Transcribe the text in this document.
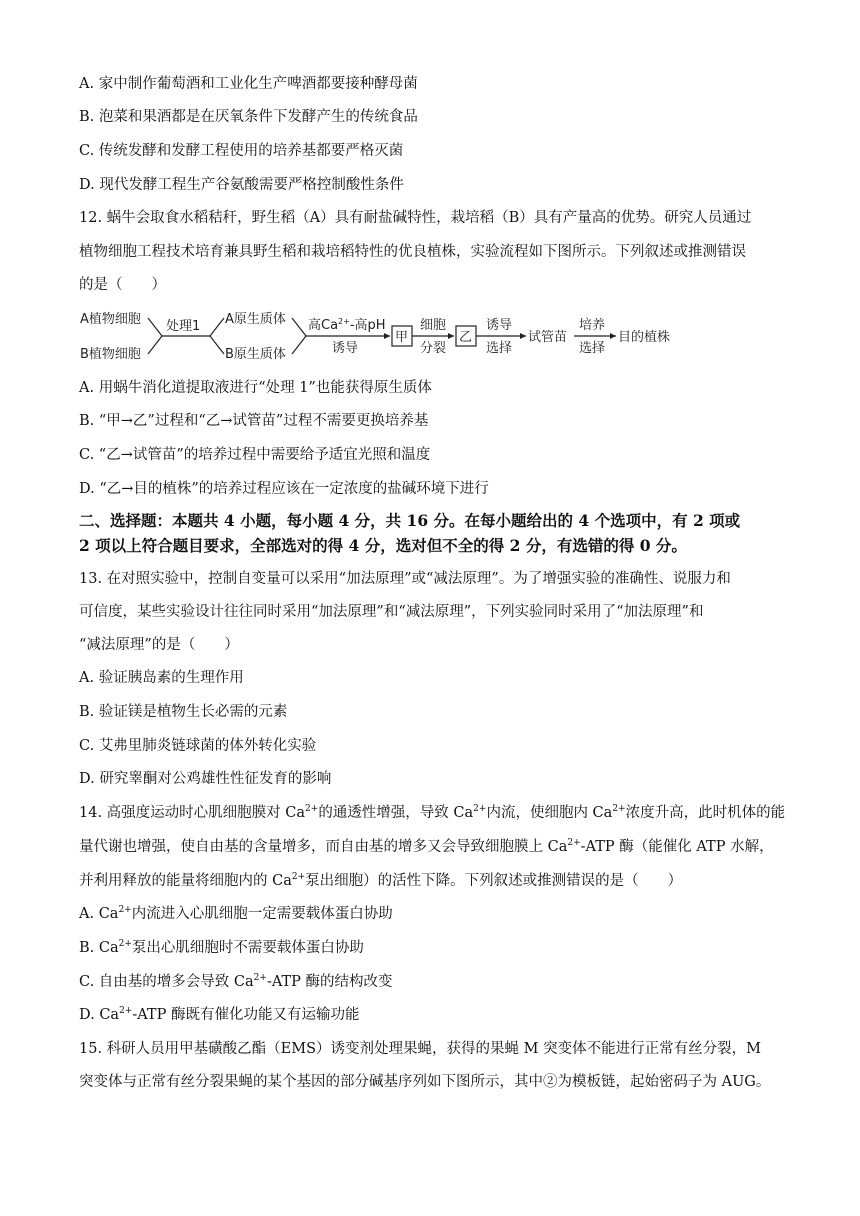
A. 家中制作葡萄酒和工业化生产啤酒都要接种酵母菌
B. 泡菜和果酒都是在厌氧条件下发酵产生的传统食品
C. 传统发酵和发酵工程使用的培养基都要严格灭菌
D. 现代发酵工程生产谷氨酸需要严格控制酸性条件
12. 蜗牛会取食水稻秸秆，野生稻（A）具有耐盐碱特性，栽培稻（B）具有产量高的优势。研究人员通过
植物细胞工程技术培育兼具野生稻和栽培稻特性的优良植株，实验流程如下图所示。下列叙述或推测错误
的是（　　）
A植物细胞
B植物细胞
处理1 A原生质体
B原生质体
高$Ca^{2+}-$高pH
诱导
甲
细胞
分裂
乙
诱导
选择
试管苗
培养
选择
目的植株
A. 用蜗牛消化道提取液进行“处理 1”也能获得原生质体
B. “甲→乙”过程和“乙→试管苗”过程不需要更换培养基
C. “乙→试管苗”的培养过程中需要给予适宜光照和温度
D. “乙→目的植株”的培养过程应该在一定浓度的盐碱环境下进行
二、选择题：本题共 4 小题，每小题 4 分，共 16 分。在每小题给出的 4 个选项中，有 2 项或
2 项以上符合题目要求，全部选对的得 4 分，选对但不全的得 2 分，有选错的得 0 分。
13. 在对照实验中，控制自变量可以采用“加法原理”或“减法原理”。为了增强实验的准确性、说服力和
可信度，某些实验设计往往同时采用“加法原理”和“减法原理”，下列实验同时采用了“加法原理”和
“减法原理”的是（　　）
A. 验证胰岛素的生理作用
B. 验证镁是植物生长必需的元素
C. 艾弗里肺炎链球菌的体外转化实验
D. 研究睾酮对公鸡雄性性征发育的影响
14. 高强度运动时心肌细胞膜对 $Ca^{2+}$的通透性增强，导致 $Ca^{2+}$内流，使细胞内 $Ca^{2+}$浓度升高，此时机体的能
量代谢也增强，使自由基的含量增多，而自由基的增多又会导致细胞膜上 $Ca^{2+}$-ATP 酶（能催化 ATP 水解，
并利用释放的能量将细胞内的 $Ca^{2+}$泵出细胞）的活性下降。下列叙述或推测错误的是（　　）
A. $Ca^{2+}$内流进入心肌细胞一定需要载体蛋白协助
B. $Ca^{2+}$泵出心肌细胞时不需要载体蛋白协助
C. 自由基的增多会导致 $Ca^{2+}$-ATP 酶的结构改变
D. $Ca^{2+}$-ATP 酶既有催化功能又有运输功能
15. 科研人员用甲基磺酸乙酯（EMS）诱变剂处理果蝇，获得的果蝇 M 突变体不能进行正常有丝分裂，M
突变体与正常有丝分裂果蝇的某个基因的部分碱基序列如下图所示，其中②为模板链，起始密码子为 AUG。
